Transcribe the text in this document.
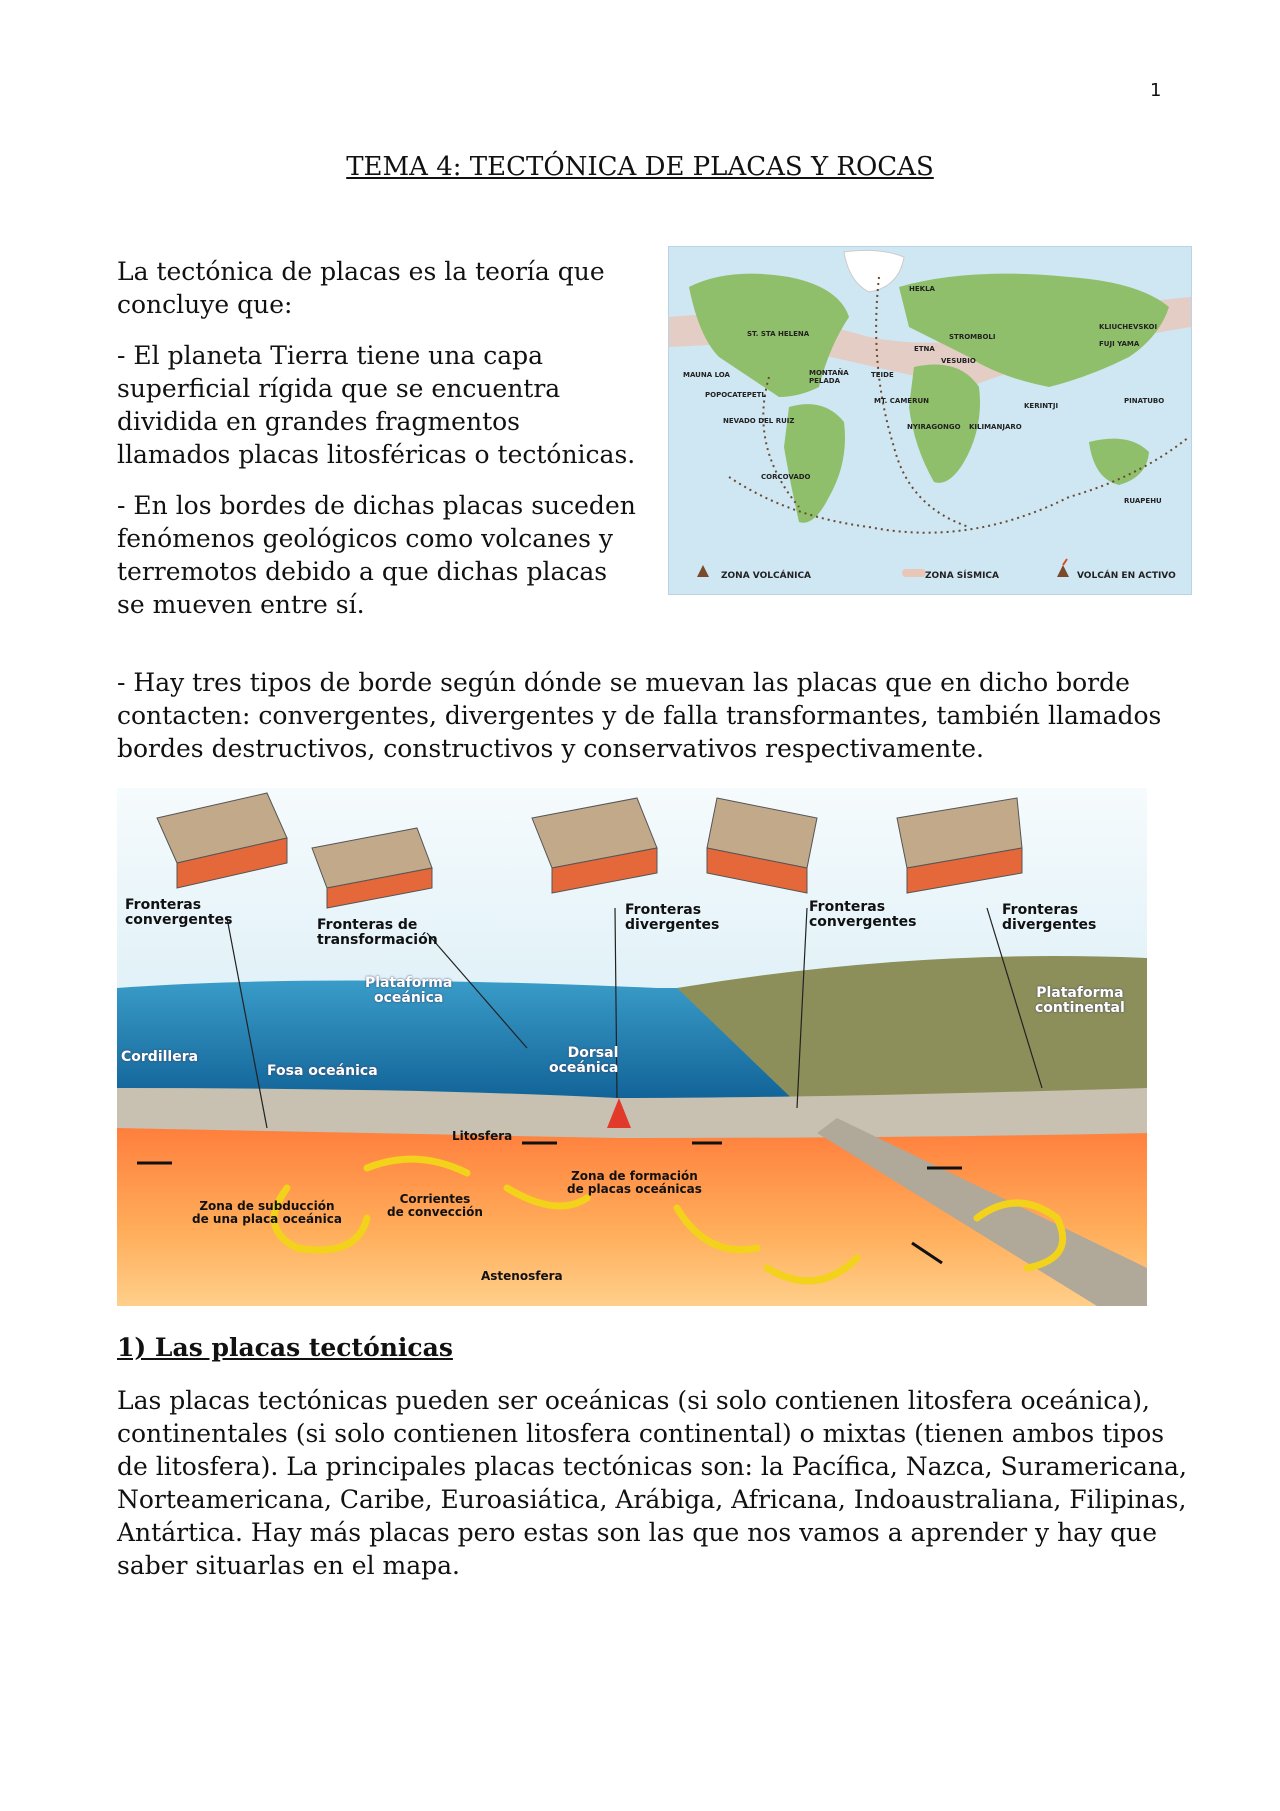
1
TEMA 4: TECTÓNICA DE PLACAS Y ROCAS

La tectónica de placas es la teoría que concluye que:

- El planeta Tierra tiene una capa superficial rígida que se encuentra dividida en grandes fragmentos llamados placas litosféricas o tectónicas.

- En los bordes de dichas placas suceden fenómenos geológicos como volcanes y terremotos debido a que dichas placas se mueven entre sí.

HEKLA
ST. STA HELENA	STROMBOLI
ETNA
VESUBIO
KLIUCHEVSKOI
FUJI YAMA
MAUNA LOA	MONTAÑA PELADA
TEIDE
POPOCATEPETL
MT. CAMERUN
KERINTJI
PINATUBO
NEVADO DEL RUIZ
NYIRAGONGO KILIMANJARO
CORCOVADO
RUAPEHU
ZONA VOLCÁNICA	ZONA SÍSMICA	VOLCÁN EN ACTIVO
- Hay tres tipos de borde según dónde se muevan las placas que en dicho borde contacten: convergentes, divergentes y de falla transformantes, también llamados bordes destructivos, constructivos y conservativos respectivamente.
Fronteras
convergentes	Fronteras de
transformación
Fronteras
divergentes
Fronteras
convergentes
Fronteras
divergentes
Plataforma
oceánica	Plataforma
continental
Cordillera
Fosa oceánica
Dorsal
oceánica
Litosfera
Zona de formación
de placas oceánicas
Zona de subducción
de una placa oceánica
Corrientes
de convección
Astenosfera
1) Las placas tectónicas
Las placas tectónicas pueden ser oceánicas (si solo contienen litosfera oceánica), continentales (si solo contienen litosfera continental) o mixtas (tienen ambos tipos de litosfera). La principales placas tectónicas son: la Pacífica, Nazca, Suramericana, Norteamericana, Caribe, Euroasiática, Arábiga, Africana, Indoaustraliana, Filipinas, Antártica. Hay más placas pero estas son las que nos vamos a aprender y hay que saber situarlas en el mapa.
